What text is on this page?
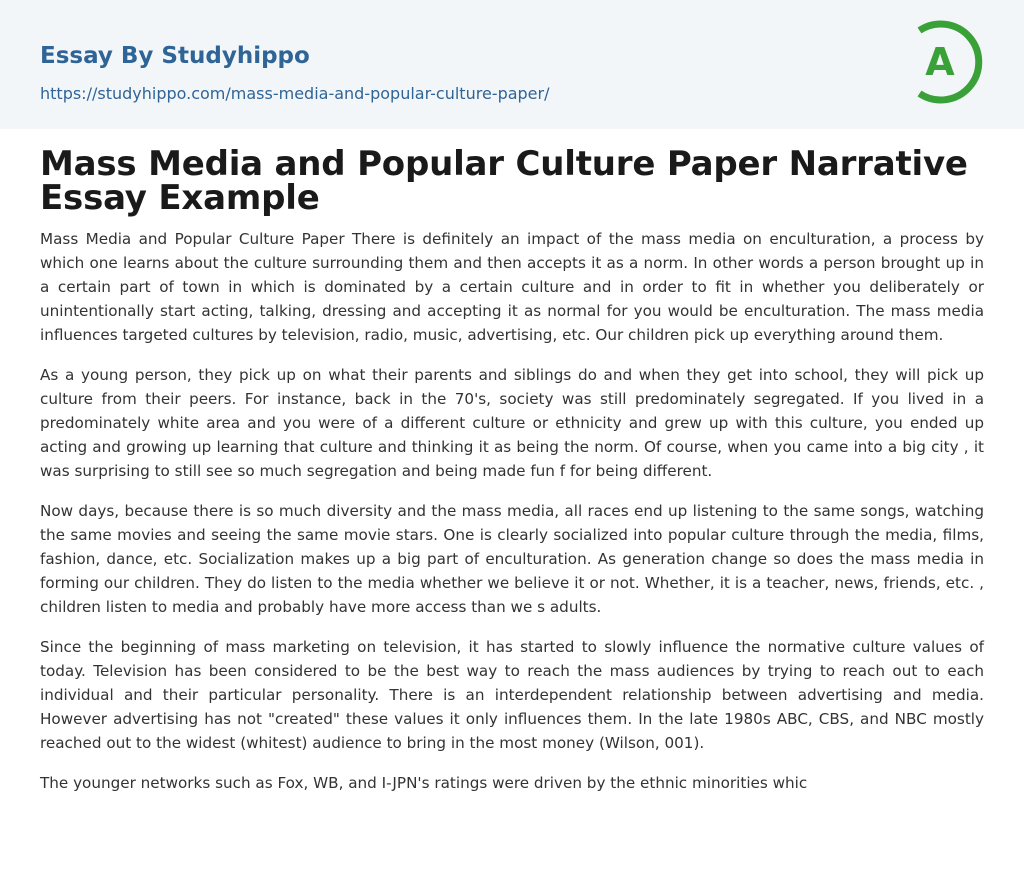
Essay By Studyhippo
https://studyhippo.com/mass-media-and-popular-culture-paper/
A
Mass Media and Popular Culture Paper Narrative Essay Example

Mass Media and Popular Culture Paper There is definitely an impact of the mass media on enculturation, a process by which one learns about the culture surrounding them and then accepts it as a norm. In other words a person brought up in a certain part of town in which is dominated by a certain culture and in order to fit in whether you deliberately or unintentionally start acting, talking, dressing and accepting it as normal for you would be enculturation. The mass media influences targeted cultures by television, radio, music, advertising, etc. Our children pick up everything around them.

As a young person, they pick up on what their parents and siblings do and when they get into school, they will pick up culture from their peers. For instance, back in the 70's, society was still predominately segregated. If you lived in a predominately white area and you were of a different culture or ethnicity and grew up with this culture, you ended up acting and growing up learning that culture and thinking it as being the norm. Of course, when you came into a big city , it was surprising to still see so much segregation and being made fun f for being different.

Now days, because there is so much diversity and the mass media, all races end up listening to the same songs, watching the same movies and seeing the same movie stars. One is clearly socialized into popular culture through the media, films, fashion, dance, etc. Socialization makes up a big part of enculturation. As generation change so does the mass media in forming our children. They do listen to the media whether we believe it or not. Whether, it is a teacher, news, friends, etc. , children listen to media and probably have more access than we s adults.

Since the beginning of mass marketing on television, it has started to slowly influence the normative culture values of today. Television has been considered to be the best way to reach the mass audiences by trying to reach out to each individual and their particular personality. There is an interdependent relationship between advertising and media. However advertising has not "created" these values it only influences them. In the late 1980s ABC, CBS, and NBC mostly reached out to the widest (whitest) audience to bring in the most money (Wilson, 001).

The younger networks such as Fox, WB, and I-JPN's ratings were driven by the ethnic minorities whic
